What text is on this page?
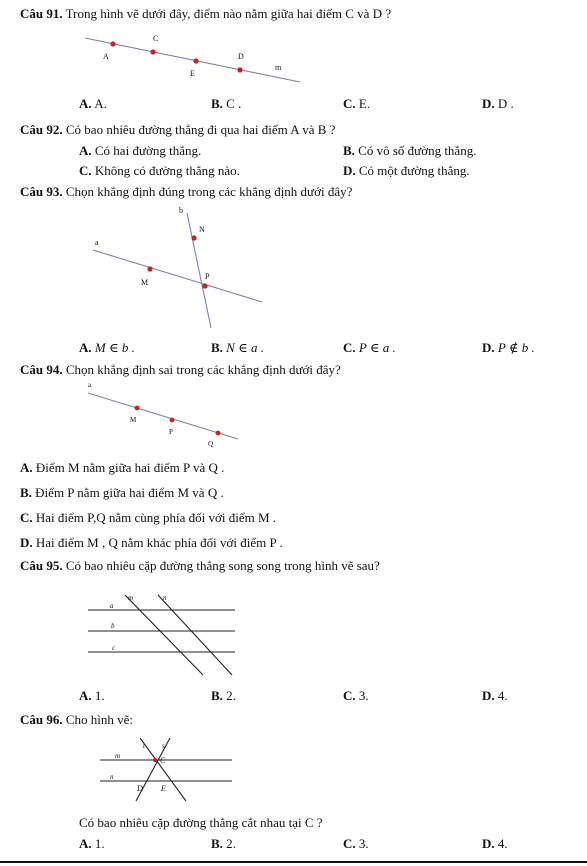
Câu 91. Trong hình vẽ dưới đây, điểm nào nằm giữa hai điểm C và D ?
A
C
D
E
m
A. A.	B. C .	C. E.	D. D .
Câu 92. Có bao nhiêu đường thẳng đi qua hai điểm A và B ?
A. Có hai đường thẳng.	B. Có vô số đường thẳng.
C. Không có đường thẳng nào.	D. Có một đường thẳng.
Câu 93. Chọn khẳng định đúng trong các khẳng định dưới đây?
b
N
a
M
P
A. M ∈ b .	B. N ∈ a .	C. P ∈ a .	D. P ∉ b .
Câu 94. Chọn khẳng định sai trong các khẳng định dưới đây?
a
M
P
Q
A. Điểm M nằm giữa hai điểm P và Q .
B. Điểm P nằm giữa hai điểm M và Q .
C. Hai điểm P,Q nằm cùng phía đối với điểm M .
D. Hai điểm M , Q nằm khác phía đối với điểm P .
Câu 95. Có bao nhiêu cặp đường thẳng song song trong hình vẽ sau?
m	n
a
b
c
A. 1.	B. 2.	C. 3.	D. 4.
Câu 96. Cho hình vẽ:
t s
C
m
n
D E
Có bao nhiêu cặp đường thẳng cắt nhau tại C ?
A. 1.	B. 2.	C. 3.	D. 4.
